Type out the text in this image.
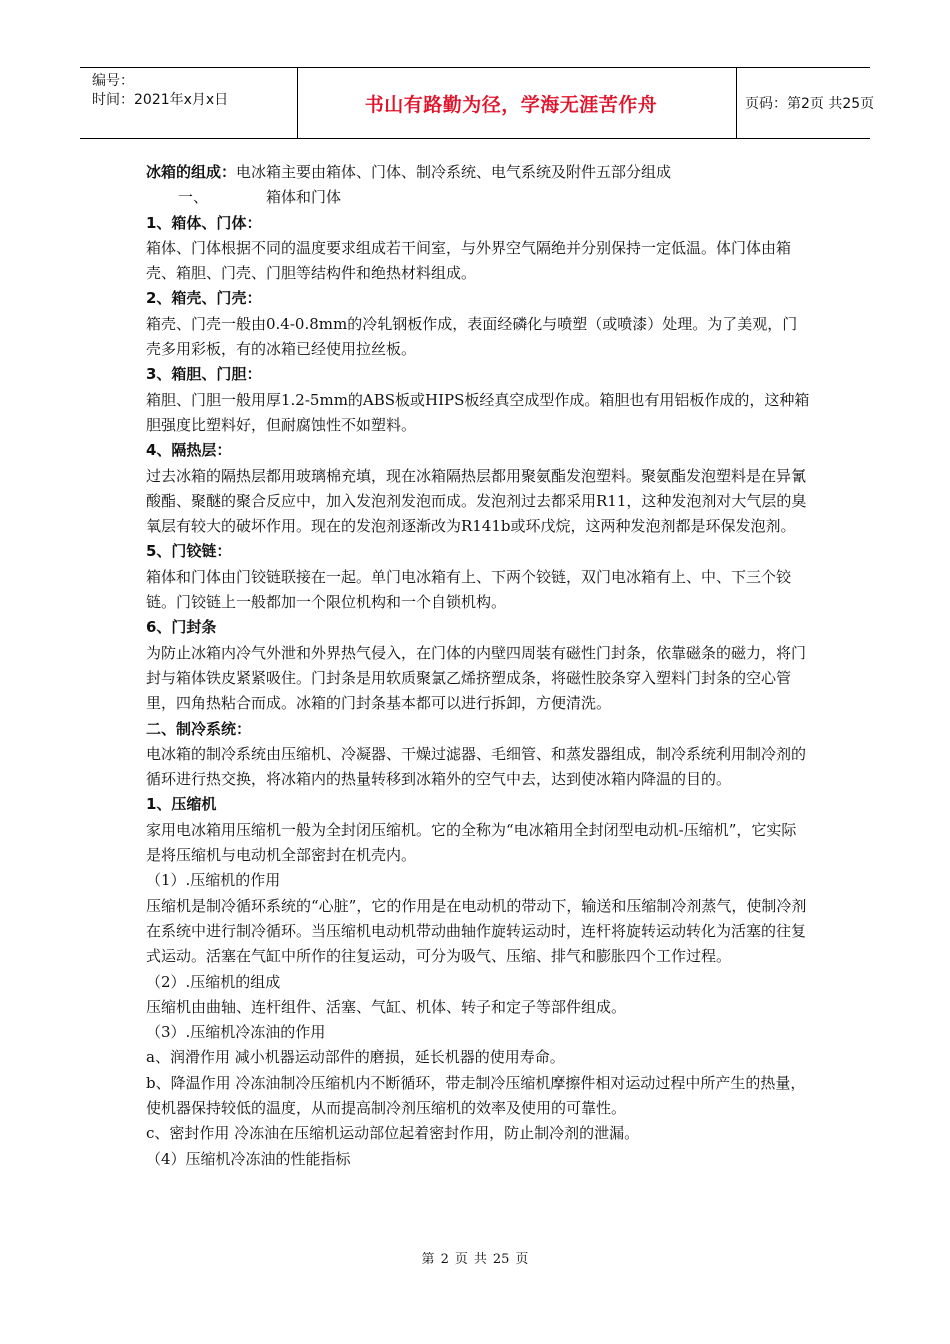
编号：
时间：2021年x月x日	书山有路勤为径，学海无涯苦作舟	页码：第2页 共25页

冰箱的组成：电冰箱主要由箱体、门体、制冷系统、电气系统及附件五部分组成

一、	箱体和门体

1、箱体、门体：

箱体、门体根据不同的温度要求组成若干间室，与外界空气隔绝并分别保持一定低温。体门体由箱壳、箱胆、门壳、门胆等结构件和绝热材料组成。

2、箱壳、门壳：

箱壳、门壳一般由0.4-0.8mm的冷轧钢板作成，表面经磷化与喷塑（或喷漆）处理。为了美观，门壳多用彩板，有的冰箱已经使用拉丝板。

3、箱胆、门胆：

箱胆、门胆一般用厚1.2-5mm的ABS板或HIPS板经真空成型作成。箱胆也有用铝板作成的，这种箱胆强度比塑料好，但耐腐蚀性不如塑料。

4、隔热层：

过去冰箱的隔热层都用玻璃棉充填，现在冰箱隔热层都用聚氨酯发泡塑料。聚氨酯发泡塑料是在异氰酸酯、聚醚的聚合反应中，加入发泡剂发泡而成。发泡剂过去都采用R11，这种发泡剂对大气层的臭氧层有较大的破坏作用。现在的发泡剂逐渐改为R141b或环戊烷，这两种发泡剂都是环保发泡剂。

5、门铰链：

箱体和门体由门铰链联接在一起。单门电冰箱有上、下两个铰链，双门电冰箱有上、中、下三个铰链。门铰链上一般都加一个限位机构和一个自锁机构。

6、门封条

为防止冰箱内冷气外泄和外界热气侵入，在门体的内壁四周装有磁性门封条，依靠磁条的磁力，将门封与箱体铁皮紧紧吸住。门封条是用软质聚氯乙烯挤塑成条，将磁性胶条穿入塑料门封条的空心管里，四角热粘合而成。冰箱的门封条基本都可以进行拆卸，方便清洗。

二、制冷系统：

电冰箱的制冷系统由压缩机、冷凝器、干燥过滤器、毛细管、和蒸发器组成，制冷系统利用制冷剂的循环进行热交换，将冰箱内的热量转移到冰箱外的空气中去，达到使冰箱内降温的目的。

1、压缩机

家用电冰箱用压缩机一般为全封闭压缩机。它的全称为“电冰箱用全封闭型电动机-压缩机”，它实际是将压缩机与电动机全部密封在机壳内。

（1）.压缩机的作用

压缩机是制冷循环系统的“心脏”，它的作用是在电动机的带动下，输送和压缩制冷剂蒸气，使制冷剂在系统中进行制冷循环。当压缩机电动机带动曲轴作旋转运动时，连杆将旋转运动转化为活塞的往复式运动。活塞在气缸中所作的往复运动，可分为吸气、压缩、排气和膨胀四个工作过程。

（2）.压缩机的组成

压缩机由曲轴、连杆组件、活塞、气缸、机体、转子和定子等部件组成。

（3）.压缩机冷冻油的作用

a、润滑作用 减小机器运动部件的磨损，延长机器的使用寿命。

b、降温作用 冷冻油制冷压缩机内不断循环，带走制冷压缩机摩擦件相对运动过程中所产生的热量，使机器保持较低的温度，从而提高制冷剂压缩机的效率及使用的可靠性。

c、密封作用 冷冻油在压缩机运动部位起着密封作用，防止制冷剂的泄漏。

（4）压缩机冷冻油的性能指标

第 2 页 共 25 页
